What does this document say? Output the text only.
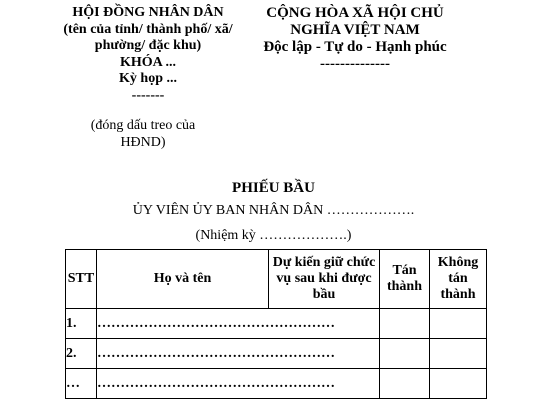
HỘI ĐỒNG NHÂN DÂN
(tên của tỉnh/ thành phố/ xã/ phường/ đặc khu)
KHÓA ...
Kỳ họp ...
-------
CỘNG HÒA XÃ HỘI CHỦ NGHĨA VIỆT NAM
Độc lập - Tự do - Hạnh phúc
--------------
(đóng dấu treo của HĐND)
PHIẾU BẦU
ỦY VIÊN ỦY BAN NHÂN DÂN ……………….
(Nhiệm kỳ ……………….)
STT	Họ và tên	Dự kiến giữ chức vụ sau khi được bầu	Tán thành	Không tán thành
1.	……………………………………………			
2.	……………………………………………			
…	……………………………………………			
